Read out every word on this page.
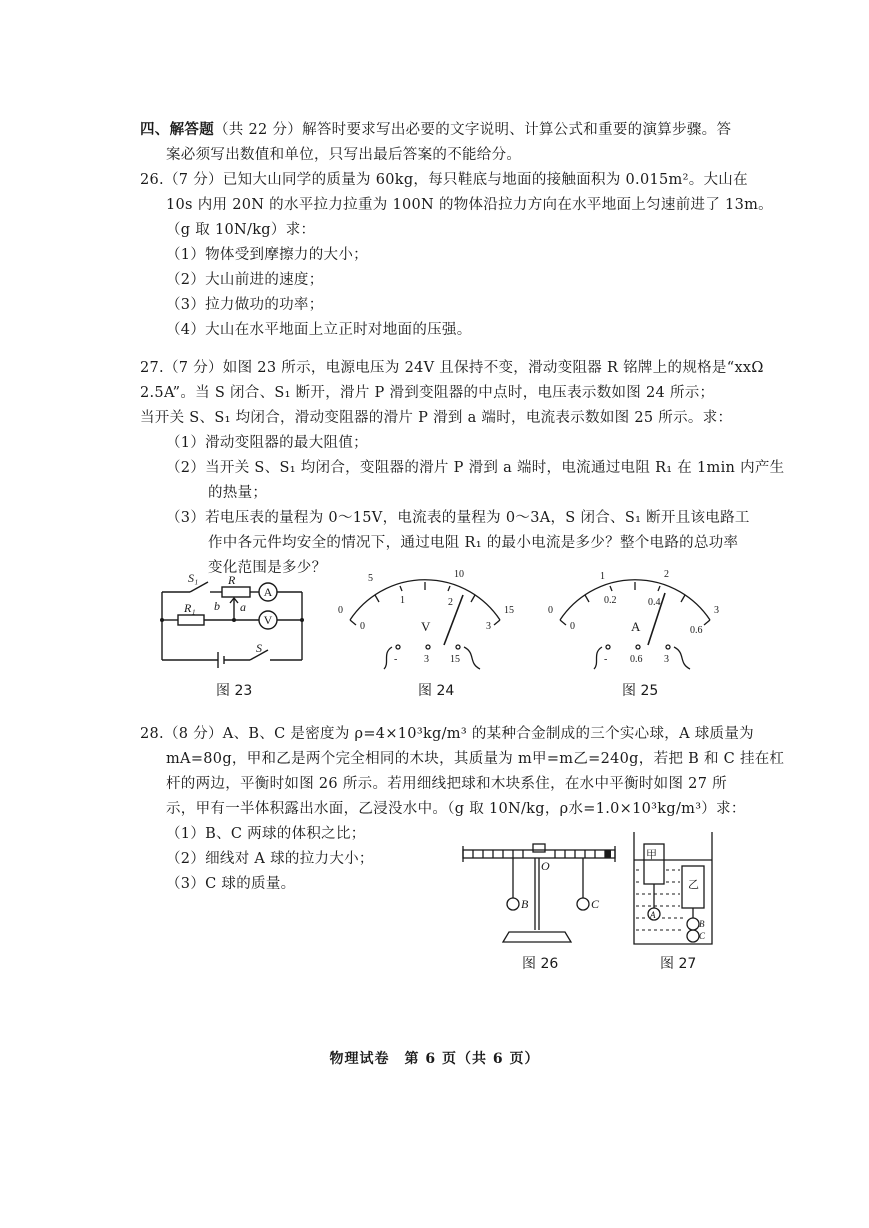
四、解答题（共 22 分）解答时要求写出必要的文字说明、计算公式和重要的演算步骤。答
案必须写出数值和单位，只写出最后答案的不能给分。
26.（7 分）已知大山同学的质量为 60kg，每只鞋底与地面的接触面积为 0.015m²。大山在
10s 内用 20N 的水平拉力拉重为 100N 的物体沿拉力方向在水平地面上匀速前进了 13m。
（g 取 10N/kg）求：
（1）物体受到摩擦力的大小；
（2）大山前进的速度；
（3）拉力做功的功率；
（4）大山在水平地面上立正时对地面的压强。
27.（7 分）如图 23 所示，电源电压为 24V 且保持不变，滑动变阻器 R 铭牌上的规格是“xxΩ
2.5A”。当 S 闭合、S₁ 断开，滑片 P 滑到变阻器的中点时，电压表示数如图 24 所示；
当开关 S、S₁ 均闭合，滑动变阻器的滑片 P 滑到 a 端时，电流表示数如图 25 所示。求：
（1）滑动变阻器的最大阻值；
（2）当开关 S、S₁ 均闭合，变阻器的滑片 P 滑到 a 端时，电流通过电阻 R₁ 在 1min 内产生
的热量；
（3）若电压表的量程为 0～15V，电流表的量程为 0～3A，S 闭合、S₁ 断开且该电路工
作中各元件均安全的情况下，通过电阻 R₁ 的最小电流是多少？整个电路的总功率
变化范围是多少？
S₁ R
b a
R₁
S
A
V
图 23
0
5	10
15
0
1	2
3
V
-	3 15
图 24
0
1	2
3
0
0.2	0.4
0.6
A
- 0.6 3
图 25
28.（8 分）A、B、C 是密度为 ρ=4×10³kg/m³ 的某种合金制成的三个实心球，A 球质量为
mA=80g，甲和乙是两个完全相同的木块，其质量为 m甲=m乙=240g，若把 B 和 C 挂在杠
杆的两边，平衡时如图 26 所示。若用细线把球和木块系住，在水中平衡时如图 27 所
示，甲有一半体积露出水面，乙浸没水中。（g 取 10N/kg，ρ水=1.0×10³kg/m³）求：
（1）B、C 两球的体积之比；
（2）细线对 A 球的拉力大小；
（3）C 球的质量。
O
B	C
图 26
甲
乙
A
B
C
图 27
物理试卷　第 6 页（共 6 页）
